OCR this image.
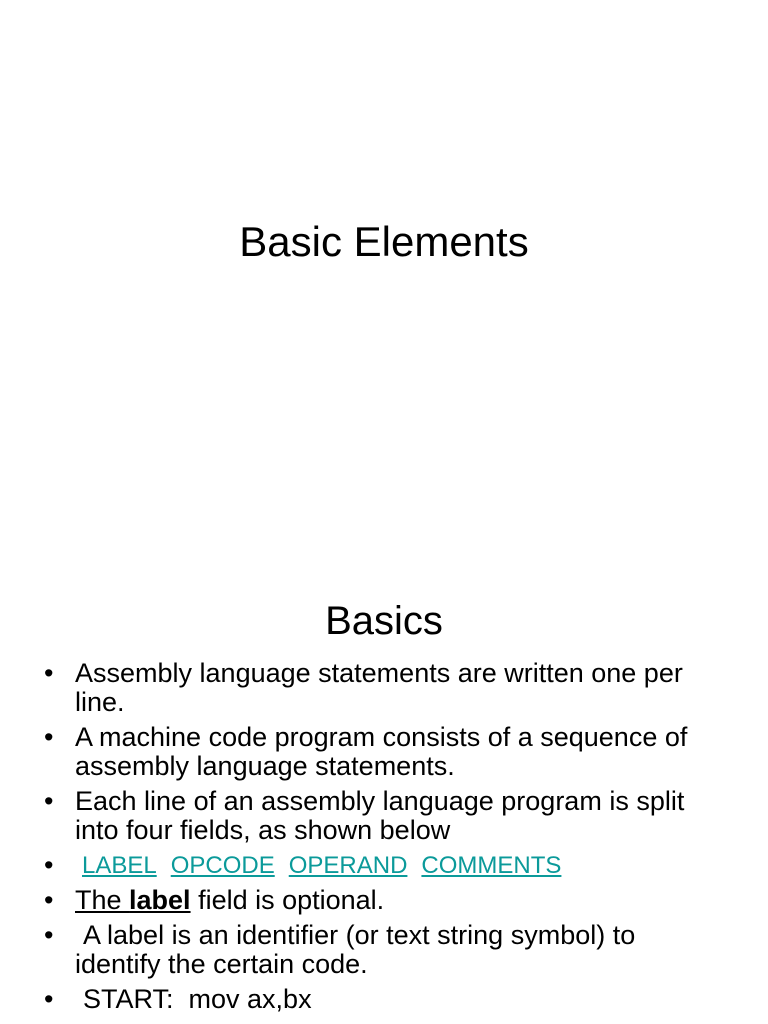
Basic Elements
Basics
• Assembly language statements are written one per line.
• A machine code program consists of a sequence of assembly language statements.
• Each line of an assembly language program is split into four fields, as shown below
• LABEL OPCODE OPERAND COMMENTS
• The label field is optional.
• A label is an identifier (or text string symbol) to identify the certain code.
• START:  mov ax,bx
